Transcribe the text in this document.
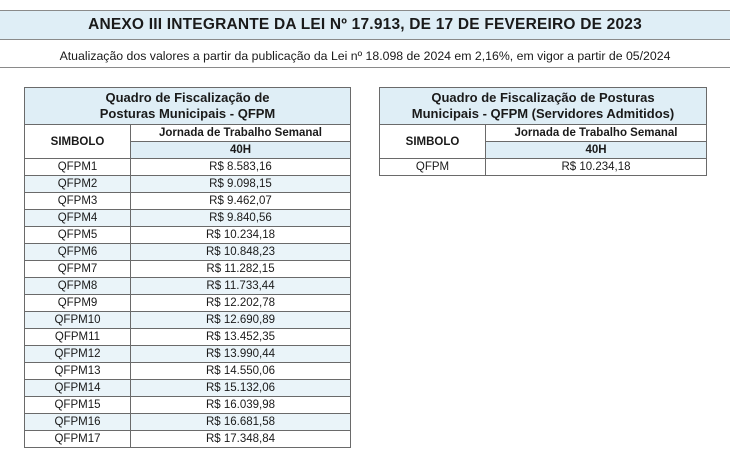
ANEXO III INTEGRANTE DA LEI Nº 17.913, DE 17 DE FEVEREIRO DE 2023
Atualização dos valores a partir da publicação da Lei nº 18.098 de 2024 em 2,16%, em vigor a partir de 05/2024
Quadro de Fiscalização de
Posturas Municipais - QFPM	

SIMBOLO	Jornada de Trabalho Semanal
	40H
QFPM1	R$ 8.583,16
QFPM2	R$ 9.098,15
QFPM3	R$ 9.462,07
QFPM4	R$ 9.840,56
QFPM5	R$ 10.234,18
QFPM6	R$ 10.848,23
QFPM7	R$ 11.282,15
QFPM8	R$ 11.733,44
QFPM9	R$ 12.202,78
QFPM10	R$ 12.690,89
QFPM11	R$ 13.452,35
QFPM12	R$ 13.990,44
QFPM13	R$ 14.550,06
QFPM14	R$ 15.132,06
QFPM15	R$ 16.039,98
QFPM16	R$ 16.681,58
QFPM17	R$ 17.348,84
Quadro de Fiscalização de Posturas
Municipais - QFPM (Servidores Admitidos)	

SIMBOLO	Jornada de Trabalho Semanal
	40H
QFPM	R$ 10.234,18
